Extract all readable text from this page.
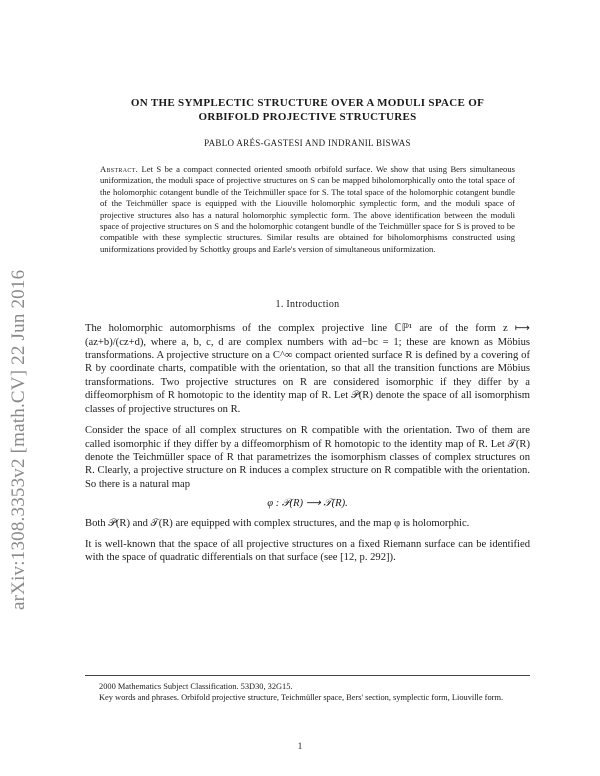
arXiv:1308.3353v2 [math.CV] 22 Jun 2016
ON THE SYMPLECTIC STRUCTURE OVER A MODULI SPACE OF
ORBIFOLD PROJECTIVE STRUCTURES
PABLO ARÉS-GASTESI AND INDRANIL BISWAS
Abstract. Let S be a compact connected oriented smooth orbifold surface. We show that using Bers simultaneous uniformization, the moduli space of projective structures on S can be mapped biholomorphically onto the total space of the holomorphic cotangent bundle of the Teichmüller space for S. The total space of the holomorphic cotangent bundle of the Teichmüller space is equipped with the Liouville holomorphic symplectic form, and the moduli space of projective structures also has a natural holomorphic symplectic form. The above identification between the moduli space of projective structures on S and the holomorphic cotangent bundle of the Teichmüller space for S is proved to be compatible with these symplectic structures. Similar results are obtained for biholomorphisms constructed using uniformizations provided by Schottky groups and Earle's version of simultaneous uniformization.
1. Introduction

The holomorphic automorphisms of the complex projective line ℂℙ¹ are of the form z ⟼ (az+b)/(cz+d), where a, b, c, d are complex numbers with ad−bc = 1; these are known as Möbius transformations. A projective structure on a C^∞ compact oriented surface R is defined by a covering of R by coordinate charts, compatible with the orientation, so that all the transition functions are Möbius transformations. Two projective structures on R are considered isomorphic if they differ by a diffeomorphism of R homotopic to the identity map of R. Let 𝒫(R) denote the space of all isomorphism classes of projective structures on R.

Consider the space of all complex structures on R compatible with the orientation. Two of them are called isomorphic if they differ by a diffeomorphism of R homotopic to the identity map of R. Let 𝒯(R) denote the Teichmüller space of R that parametrizes the isomorphism classes of complex structures on R. Clearly, a projective structure on R induces a complex structure on R compatible with the orientation. So there is a natural map

φ : 𝒫(R) ⟶ 𝒯(R).

Both 𝒫(R) and 𝒯(R) are equipped with complex structures, and the map φ is holomorphic.

It is well-known that the space of all projective structures on a fixed Riemann surface can be identified with the space of quadratic differentials on that surface (see [12, p. 292]).

2000 Mathematics Subject Classification. 53D30, 32G15.
Key words and phrases. Orbifold projective structure, Teichmüller space, Bers' section, symplectic form, Liouville form.
1
